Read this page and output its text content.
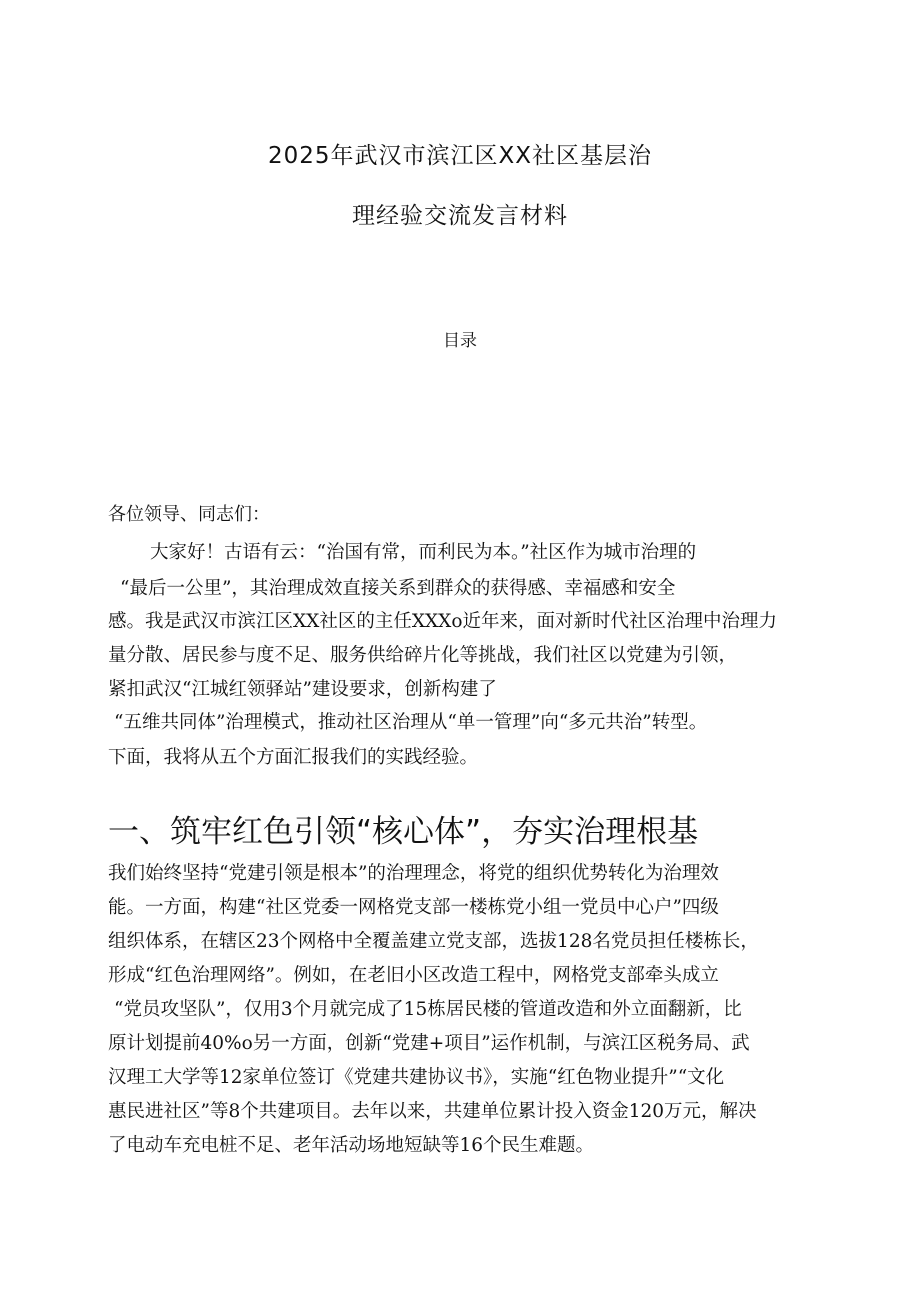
2025年武汉市滨江区XX社区基层治
理经验交流发言材料
目录
各位领导、同志们：
大家好！古语有云：“治国有常，而利民为本。”社区作为城市治理的
“最后一公里”，其治理成效直接关系到群众的获得感、幸福感和安全
感。我是武汉市滨江区XX社区的主任XXXo近年来，面对新时代社区治理中治理力
量分散、居民参与度不足、服务供给碎片化等挑战，我们社区以党建为引领，
紧扣武汉“江城红领驿站”建设要求，创新构建了
“五维共同体”治理模式，推动社区治理从“单一管理”向“多元共治”转型。
下面，我将从五个方面汇报我们的实践经验。
一、筑牢红色引领“核心体”，夯实治理根基
我们始终坚持“党建引领是根本”的治理理念，将党的组织优势转化为治理效
能。一方面，构建“社区党委一网格党支部一楼栋党小组一党员中心户”四级
组织体系，在辖区23个网格中全覆盖建立党支部，选拔128名党员担任楼栋长，
形成“红色治理网络”。例如，在老旧小区改造工程中，网格党支部牵头成立
“党员攻坚队”，仅用3个月就完成了15栋居民楼的管道改造和外立面翻新，比
原计划提前40%o另一方面，创新“党建+项目”运作机制，与滨江区税务局、武
汉理工大学等12家单位签订《党建共建协议书》，实施“红色物业提升”“文化
惠民进社区”等8个共建项目。去年以来，共建单位累计投入资金120万元，解决
了电动车充电桩不足、老年活动场地短缺等16个民生难题。
